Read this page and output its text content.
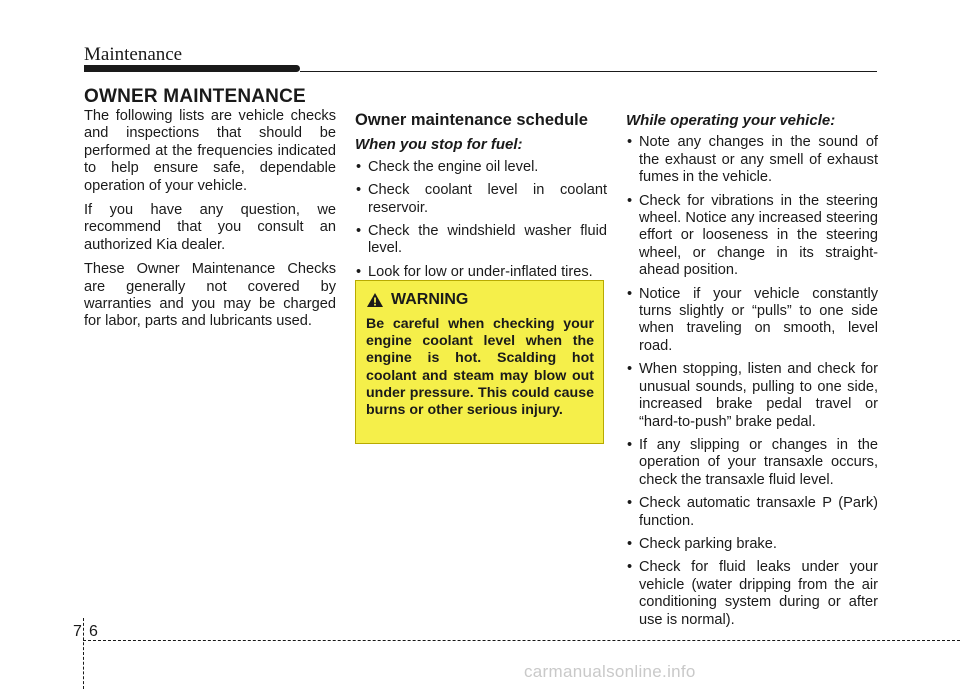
Maintenance
OWNER MAINTENANCE

The following lists are vehicle checks and inspections that should be performed at the frequencies indicated to help ensure safe, dependable operation of your vehicle.

If you have any question, we recommend that you consult an authorized Kia dealer.

These Owner Maintenance Checks are generally not covered by warranties and you may be charged for labor, parts and lubricants used.

Owner maintenance schedule
When you stop for fuel:
• Check the engine oil level.
• Check coolant level in coolant reservoir.
• Check the windshield washer fluid level.
• Look for low or under-inflated tires.
WARNING

Be careful when checking your engine coolant level when the engine is hot. Scalding hot coolant and steam may blow out under pressure. This could cause burns or other serious injury.

While operating your vehicle:
• Note any changes in the sound of the exhaust or any smell of exhaust fumes in the vehicle.
• Check for vibrations in the steering wheel. Notice any increased steering effort or looseness in the steering wheel, or change in its straight-ahead position.
• Notice if your vehicle constantly turns slightly or “pulls” to one side when traveling on smooth, level road.
• When stopping, listen and check for unusual sounds, pulling to one side, increased brake pedal travel or “hard-to-push” brake pedal.
• If any slipping or changes in the operation of your transaxle occurs, check the transaxle fluid level.
• Check automatic transaxle P (Park) function.
• Check parking brake.
• Check for fluid leaks under your vehicle (water dripping from the air conditioning system during or after use is normal).
7 6
carmanualsonline.info
